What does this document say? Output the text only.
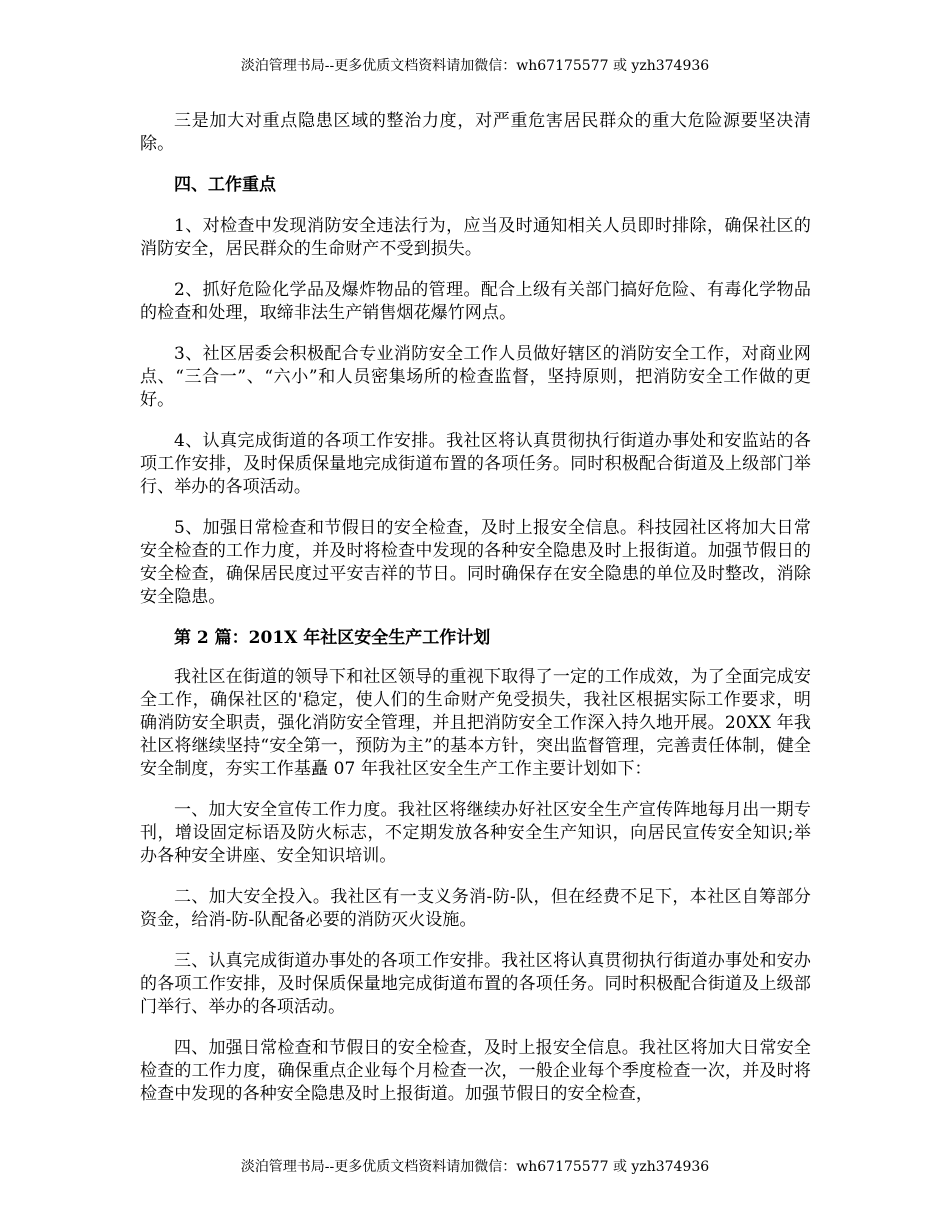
淡泊管理书局--更多优质文档资料请加微信：wh67175577 或 yzh374936

三是加大对重点隐患区域的整治力度，对严重危害居民群众的重大危险源要坚决清除。

四、工作重点

1、对检查中发现消防安全违法行为，应当及时通知相关人员即时排除，确保社区的消防安全，居民群众的生命财产不受到损失。

2、抓好危险化学品及爆炸物品的管理。配合上级有关部门搞好危险、有毒化学物品的检查和处理，取缔非法生产销售烟花爆竹网点。

3、社区居委会积极配合专业消防安全工作人员做好辖区的消防安全工作，对商业网点、“三合一”、“六小”和人员密集场所的检查监督，坚持原则，把消防安全工作做的更好。

4、认真完成街道的各项工作安排。我社区将认真贯彻执行街道办事处和安监站的各项工作安排，及时保质保量地完成街道布置的各项任务。同时积极配合街道及上级部门举行、举办的各项活动。

5、加强日常检查和节假日的安全检查，及时上报安全信息。科技园社区将加大日常安全检查的工作力度，并及时将检查中发现的各种安全隐患及时上报街道。加强节假日的安全检查，确保居民度过平安吉祥的节日。同时确保存在安全隐患的单位及时整改，消除安全隐患。

第 2 篇：201X 年社区安全生产工作计划

我社区在街道的领导下和社区领导的重视下取得了一定的工作成效，为了全面完成安全工作，确保社区的'稳定，使人们的生命财产免受损失，我社区根据实际工作要求，明确消防安全职责，强化消防安全管理，并且把消防安全工作深入持久地开展。20XX 年我社区将继续坚持“安全第一，预防为主”的基本方针，突出监督管理，完善责任体制，健全安全制度，夯实工作基矗 07 年我社区安全生产工作主要计划如下：

一、加大安全宣传工作力度。我社区将继续办好社区安全生产宣传阵地每月出一期专刊，增设固定标语及防火标志，不定期发放各种安全生产知识，向居民宣传安全知识;举办各种安全讲座、安全知识培训。

二、加大安全投入。我社区有一支义务消-防-队，但在经费不足下，本社区自筹部分资金，给消-防-队配备必要的消防灭火设施。

三、认真完成街道办事处的各项工作安排。我社区将认真贯彻执行街道办事处和安办的各项工作安排，及时保质保量地完成街道布置的各项任务。同时积极配合街道及上级部门举行、举办的各项活动。

四、加强日常检查和节假日的安全检查，及时上报安全信息。我社区将加大日常安全检查的工作力度，确保重点企业每个月检查一次，一般企业每个季度检查一次，并及时将检查中发现的各种安全隐患及时上报街道。加强节假日的安全检查，

淡泊管理书局--更多优质文档资料请加微信：wh67175577 或 yzh374936
